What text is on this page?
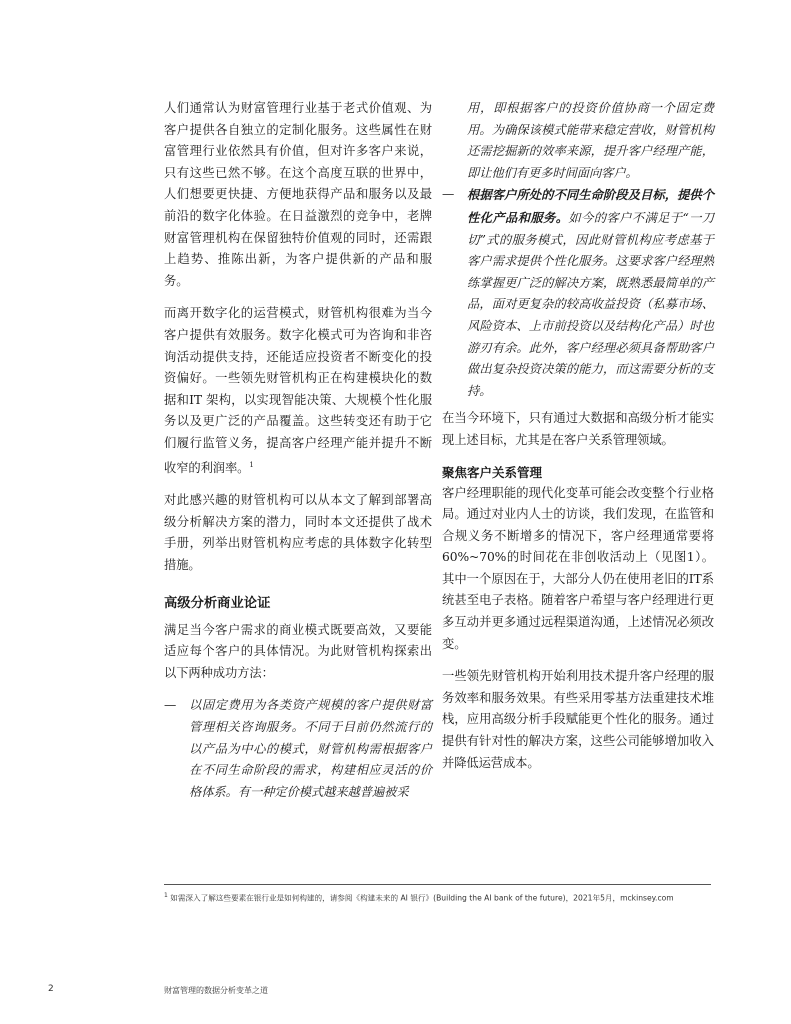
人们通常认为财富管理行业基于老式价值观、为客户提供各自独立的定制化服务。这些属性在财富管理行业依然具有价值，但对许多客户来说，只有这些已然不够。在这个高度互联的世界中，人们想要更快捷、方便地获得产品和服务以及最前沿的数字化体验。在日益激烈的竞争中，老牌财富管理机构在保留独特价值观的同时，还需跟上趋势、推陈出新，为客户提供新的产品和服务。

而离开数字化的运营模式，财管机构很难为当今客户提供有效服务。数字化模式可为咨询和非咨询活动提供支持，还能适应投资者不断变化的投资偏好。一些领先财管机构正在构建模块化的数据和IT 架构，以实现智能决策、大规模个性化服务以及更广泛的产品覆盖。这些转变还有助于它们履行监管义务，提高客户经理产能并提升不断收窄的利润率。$^1$

对此感兴趣的财管机构可以从本文了解到部署高级分析解决方案的潜力，同时本文还提供了战术手册，列举出财管机构应考虑的具体数字化转型措施。

高级分析商业论证

满足当今客户需求的商业模式既要高效，又要能适应每个客户的具体情况。为此财管机构探索出以下两种成功方法：

— 以固定费用为各类资产规模的客户提供财富管理相关咨询服务。不同于目前仍然流行的以产品为中心的模式，财管机构需根据客户在不同生命阶段的需求，构建相应灵活的价格体系。有一种定价模式越来越普遍被采

用，即根据客户的投资价值协商一个固定费用。为确保该模式能带来稳定营收，财管机构还需挖掘新的效率来源，提升客户经理产能，即让他们有更多时间面向客户。

— 根据客户所处的不同生命阶段及目标，提供个性化产品和服务。如今的客户不满足于“一刀切”式的服务模式，因此财管机构应考虑基于客户需求提供个性化服务。这要求客户经理熟练掌握更广泛的解决方案，既熟悉最简单的产品，面对更复杂的较高收益投资（私募市场、风险资本、上市前投资以及结构化产品）时也游刃有余。此外，客户经理必须具备帮助客户做出复杂投资决策的能力，而这需要分析的支持。

在当今环境下，只有通过大数据和高级分析才能实现上述目标，尤其是在客户关系管理领域。

聚焦客户关系管理

客户经理职能的现代化变革可能会改变整个行业格局。通过对业内人士的访谈，我们发现，在监管和合规义务不断增多的情况下，客户经理通常要将60%~70%的时间花在非创收活动上（见图1）。其中一个原因在于，大部分人仍在使用老旧的IT系统甚至电子表格。随着客户希望与客户经理进行更多互动并更多通过远程渠道沟通，上述情况必须改变。

一些领先财管机构开始利用技术提升客户经理的服务效率和服务效果。有些采用零基方法重建技术堆栈，应用高级分析手段赋能更个性化的服务。通过提供有针对性的解决方案，这些公司能够增加收入并降低运营成本。

$^1$ 如需深入了解这些要素在银行业是如何构建的，请参阅《构建未来的 AI 银行》(Building the AI bank of the future)，2021年5月，mckinsey.com
2	财富管理的数据分析变革之道
